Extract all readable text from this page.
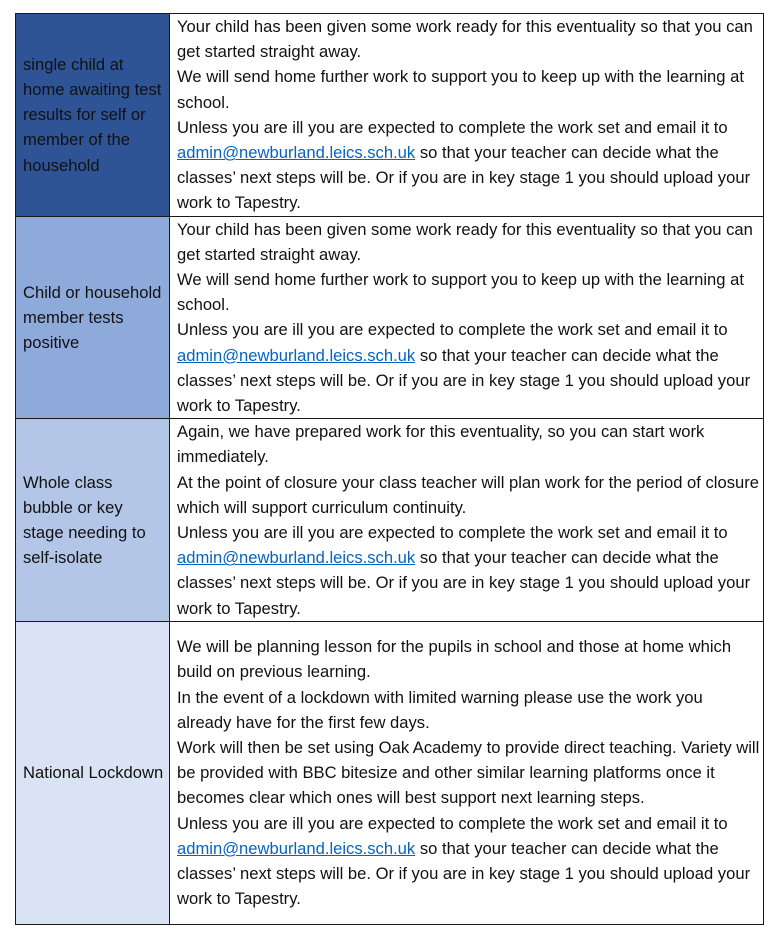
single child at home awaiting test results for self or member of the household	Your child has been given some work ready for this eventuality so that you can get started straight away.
We will send home further work to support you to keep up with the learning at school.
Unless you are ill you are expected to complete the work set and email it to admin@newburland.leics.sch.uk so that your teacher can decide what the classes’ next steps will be. Or if you are in key stage 1 you should upload your work to Tapestry.

Child or household member tests positive	Your child has been given some work ready for this eventuality so that you can get started straight away.
We will send home further work to support you to keep up with the learning at school.
Unless you are ill you are expected to complete the work set and email it to admin@newburland.leics.sch.uk so that your teacher can decide what the classes’ next steps will be. Or if you are in key stage 1 you should upload your work to Tapestry.

Whole class bubble or key stage needing to self-isolate	Again, we have prepared work for this eventuality, so you can start work immediately.
At the point of closure your class teacher will plan work for the period of closure which will support curriculum continuity.
Unless you are ill you are expected to complete the work set and email it to admin@newburland.leics.sch.uk so that your teacher can decide what the classes’ next steps will be. Or if you are in key stage 1 you should upload your work to Tapestry.

National Lockdown	We will be planning lesson for the pupils in school and those at home which build on previous learning.
In the event of a lockdown with limited warning please use the work you already have for the first few days.
Work will then be set using Oak Academy to provide direct teaching. Variety will be provided with BBC bitesize and other similar learning platforms once it becomes clear which ones will best support next learning steps.
Unless you are ill you are expected to complete the work set and email it to admin@newburland.leics.sch.uk so that your teacher can decide what the classes’ next steps will be. Or if you are in key stage 1 you should upload your work to Tapestry.
